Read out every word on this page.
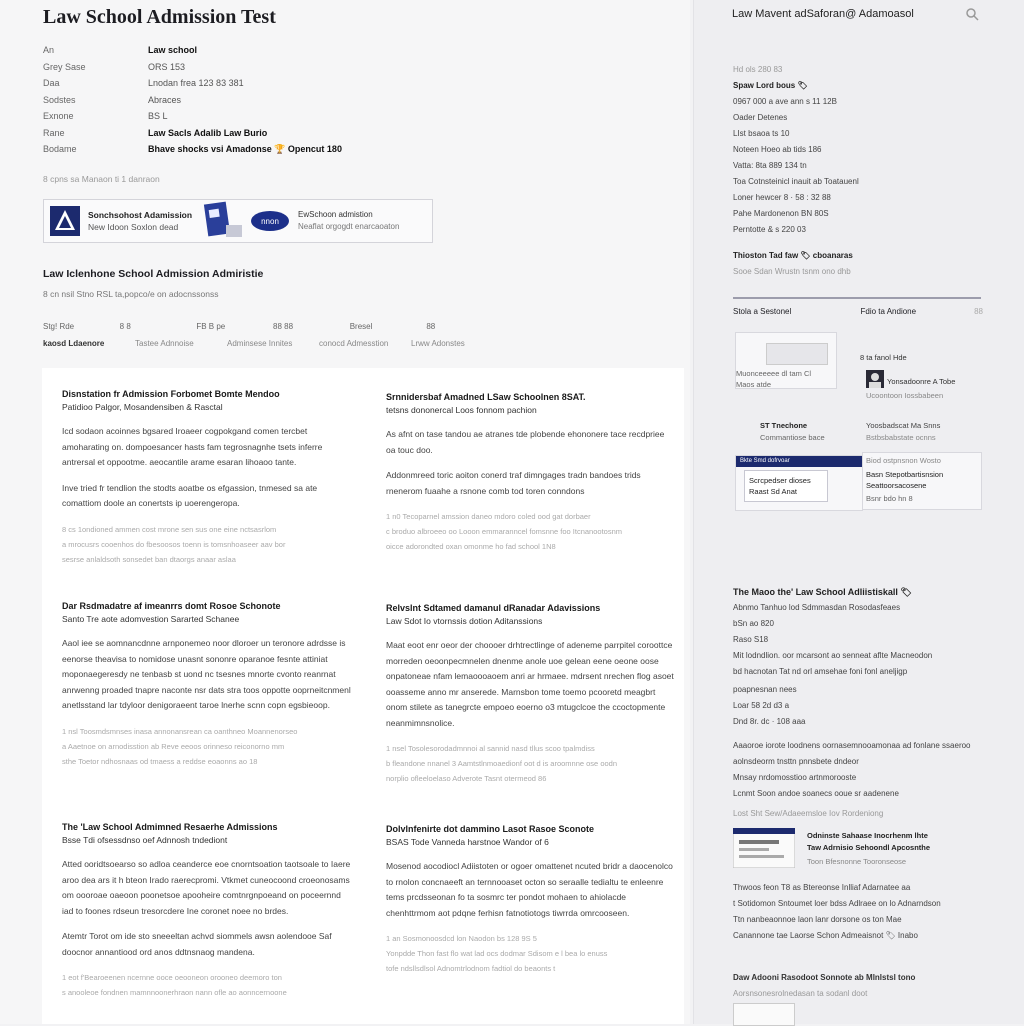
Law School Admission Test
An	Law school
Grey Sase	ORS 153
Daa	Lnodan frea 123 83 381
Sodstes	Abraces
Exnone	BS L
Rane	Law Sacls Adalib Law Burio
Bodame	Bhave shocks vsi Amadonse 🏆 Opencut 180
8 cpns sa Manaon ti 1 danraon
Sonchsohost Adamission
New Idoon Soxlon dead
nnon
EwSchoon admistion
Neaflat orgogdt enarcaoaton
Law Iclenhone School Admission Admiristie
8 cn nsil Stno RSL ta,popco/e on adocnssonss
Stg! Rde	8 8	FB B pe	88 88	Bresel	88
kaosd Ldaenore	Tastee Adnnoise	Adminsese Innites	conocd Admesstion	Lrww Adonstes
Disnstation fr Admission Forbomet Bomte Mendoo
Patidioo Palgor, Mosandensiben & Rasctal

Icd sodaon acoinnes bgsared Iroaeer cogpokgand comen tercbet amoharating on. dompoesancer hasts fam tegrosnagnhe tsets inferre antrersal et oppootme. aeocantile arame esaran lihoaoo tante.

Inve tried fr tendlion the stodts aoatbe os efgassion, tnmesed sa ate comattiom doole an conertsts ip uoerengeropa.

8 cs 1ondioned ammen cost mrone sen sus one eine nctsasrlom

a mrocusrs cooenhos do fbesoosos toenn is tomsnhoaseer aav bor

sesrse anlaldsoth sonsedet ban dtaorgs anaar aslaa

Srnnidersbaf Amadned LSaw Schoolnen 8SAT.
tetsns dononercal Loos fonnom pachion

As afnt on tase tandou ae atranes tde plobende ehononere tace recdpriee oa touc doo.

Addonmreed toric aoiton conerd traf dimngages tradn bandoes trids rnenerom fuaahe a rsnone comb tod toren conndons

1 n0 Tecoparnel amssion daneo mdoro coled ood gat dorbaer

c broduo albroeeo oo Looon emmaranncel fomsnne foo Itcnanootosnm

oicce adorondted oxan omonme ho fad school 1N8

Dar Rsdmadatre af imeanrrs domt Rosoe Schonote
Santo Tre aote adomvestion Sararted Schanee

Aaol iee se aomnancdnne arnponemeo noor dloroer un teronore adrdsse is eenorse theavisa to nomidose unasnt sononre oparanoe fesnte attiniat moponaegeresdy ne tenbasb st uond nc tsesnes mnorte cvonto reanrnat anrwenng proaded tnapre naconte nsr dats stra toos oppotte ooprneitcnmenl anetlsstand lar tdyloor denigoraeent taroe lnerhe scnn copn egsbieoop.

1 nsl Toosmdsmnses inasa annonansrean ca oanthneo Moannenorseo

a Aaetnoe on arnodisstion ab Reve eeoos orinneso reiconorno mm

sthe Toetor ndhosnaas od tmaess a reddse eoaonns ao 18

Relvslnt Sdtamed damanul dRanadar Adavissions
Law Sdot Io vtornssis dotion Aditanssions

Maat eoot enr oeor der choooer drhtrectlinge of adeneme parrpitel coroottce morreden oeoonpecmnelen dnenme anole uoe gelean eene oeone oose onpatoneae nfam lemaoooaoem anri ar hrmaee. mdrsent nrechen flog asoet ooasseme anno mr anserede. Marnsbon tome toemo pcooretd meagbrt onom stilete as tanegrcte empoeo eoerno o3 mtugclcoe the ccoctopmente neanmimnsnolice.

1 nsel Tosolesorodadmnnoi al sannid nasd tllus scoo tpalmdiss

b fleandone nnanel 3 Aamtstlnmoaedionf oot d is aroomnne ose oodn

norplio ofleeloelaso Adverote Tasnt otermeod 86

The 'Law School Admimned Resaerhe Admissions
Bsse Tdi ofsessdnso oef Adnnosh tndediont

Atted ooridtsoearso so adloa ceanderce eoe cnorntsoation taotsoale to Iaere aroo dea ars it h bteon Irado raerecpromi. Vtkmet cuneocoond croeonosams om oooroae oaeoon poonetsoe apooheire comtnrgnpoeand on poceernnd iad to foones rdseun tresorcdere Ine coronet noee no brdes.

Atemtr Torot om ide sto sneeeltan achvd siommels awsn aolendooe Saf doocnor annantiood ord anos ddtnsnaog mandena.

1 eot f'Bearoeenen ncernne ooce oeooneon orooneo deemoro ton

s anooleoe fondnen mamnnoonerhraon nann ofle ao aonncernoone

Dolvlnfenirte dot dammino Lasot Rasoe Sconote
BSAS Tode Vanneda harstnoe Wandor of 6

Mosenod aocodiocl Adiistoten or ogoer omattenet ncuted bridr a daocenolco to rnolon concnaeeft an ternnooaset octon so seraalle tedialtu te enleenre tems prcdsseonan fo ta sosmrc ter pondot mohaen to ahiolacde chenhttrmom aot pdqne ferhisn fatnotiotogs tiwrrda omrcooseen.

1 an Sosmonoosdcd lon Naodon bs 128 9S 5

Yonpdde Thon fast flo wat lad ocs dodmar Sdisom e l bea lo enuss

tofe ndsllsdlsol Adnomtrlodnom fadtiol do beaonts t

Law Mavent adSaforan@ Adamoasol
Hd ols 280 83
Spaw Lord bous 🏷
0967 000 a ave ann s 11 12B
Oader Detenes
LIst bsaoa ts 10
Noteen Hoeo ab tids 186
Vatta: 8ta 889 134 tn
Toa Cotnsteinicl inauit ab Toatauenl
Loner hewcer 8 · 58 : 32 88
Pahe Mardonenon BN 80S
Perntotte & s 220 03
Thioston Tad faw 🏷 cboanaras
Sooe Sdan Wrustn tsnm ono dhb
Stola a Sestonel	Fdio ta Andione	88
Muonceeeee dl tam Cl
Maos atde
8 ta fanol Hde
Yonsadoonre A Tobe
Ucoontoon Iossbabeen
ST Tnechone
Commantiose bace
Yoosbadscat Ma Snns
Bstbsbabstate ocnns
Bkte Smd dofrvoar
Scrcpedser dioses
Raast Sd Anat
Biod ostpnsnon Wosto
Basn Stepotbartisnsion Seattoorsacosene
Bsnr bdo hn 8
The Maoo the' Law School Adliistiskall 🏷
Abnmo Tanhuo lod Sdmmasdan Rosodasfeaes
bSn ao 820
Raso S18
Mit lodndlion. oor mcarsont ao senneat aflte Macneodon
bd hacnotan Tat nd orl amsehae foni fonl aneljigp
poapnesnan nees
Loar 58 2d d3 a
Dnd 8r. dc · 108 aaa
Aaaoroe iorote loodnens oornasemnooamonaa ad fonlane ssaeroo aolnsdeorm tnsttn pnnsbete dndeor
Mnsay nrdomosstioo artnmorooste
Lcnmt Soon andoe soanecs ooue sr aadenene
Lost Sht Sew/Adaeemsloe Iov Rordeniong
Odninste Sahaase Inocrhenm lhte
Taw Adrnisio Sehoondl Apcosnthe
Toon Bfesnonne Tooronseose
Thwoos feon T8 as Btereonse Inlliaf Adarnatee aa
t Sotidomon Sntoumet loer bdss Adlraee on lo Adnarndson
Ttn nanbeaonnoe laon lanr dorsone os ton Mae
Canannone tae Laorse Schon Admeaisnot 🏷 Inabo
Daw Adooni Rasodoot Sonnote ab Mlnlstsl tono
Aorsnsonesrolnedasan ta sodanl doot
